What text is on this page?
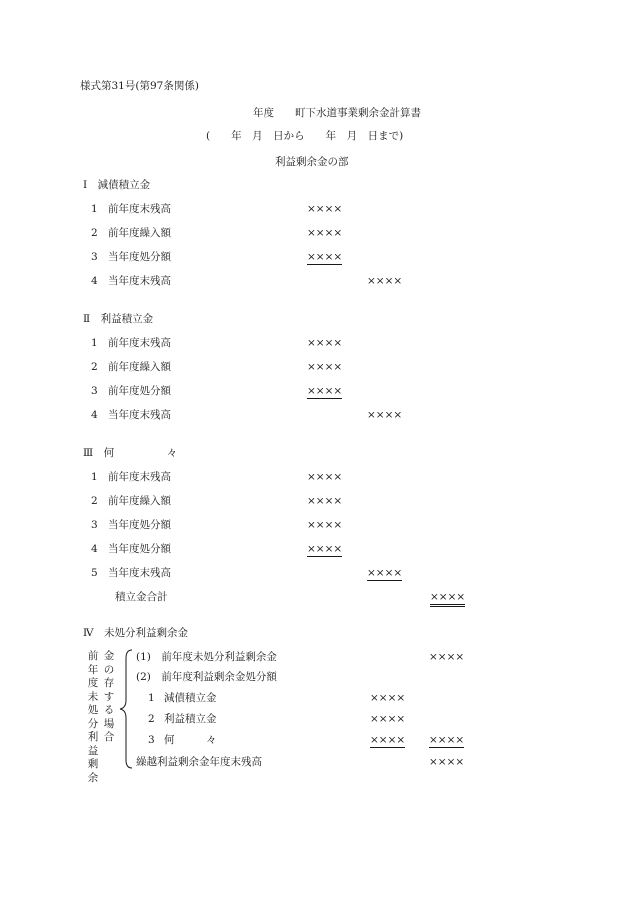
様式第31号(第97条関係)
年度　　町下水道事業剰余金計算書
(　　年　月　日から　　年　月　日まで)
利益剰余金の部
Ⅰ　減債積立金
1 前年度末残高	××××
2 前年度繰入額	××××
3 当年度処分額	××××
4 当年度末残高	××××
Ⅱ　利益積立金
1 前年度末残高	××××
2 前年度繰入額	××××
3 前年度処分額	××××
4 当年度末残高	××××
Ⅲ　何　　　　　々
1 前年度末残高	××××
2 前年度繰入額	××××
3 当年度処分額	××××
4 当年度処分額	××××
5 当年度末残高	××××
積立金合計	××××
Ⅳ　未処分利益剰余金
前年度未処分利益剰余
金の存する場合
(1)　前年度未処分利益剰余金	××××
(2)　前年度利益剰余金処分額
1 減債積立金	××××
2 利益積立金	××××
3 何　　　々	×××× ××××
繰越利益剰余金年度末残高	××××
